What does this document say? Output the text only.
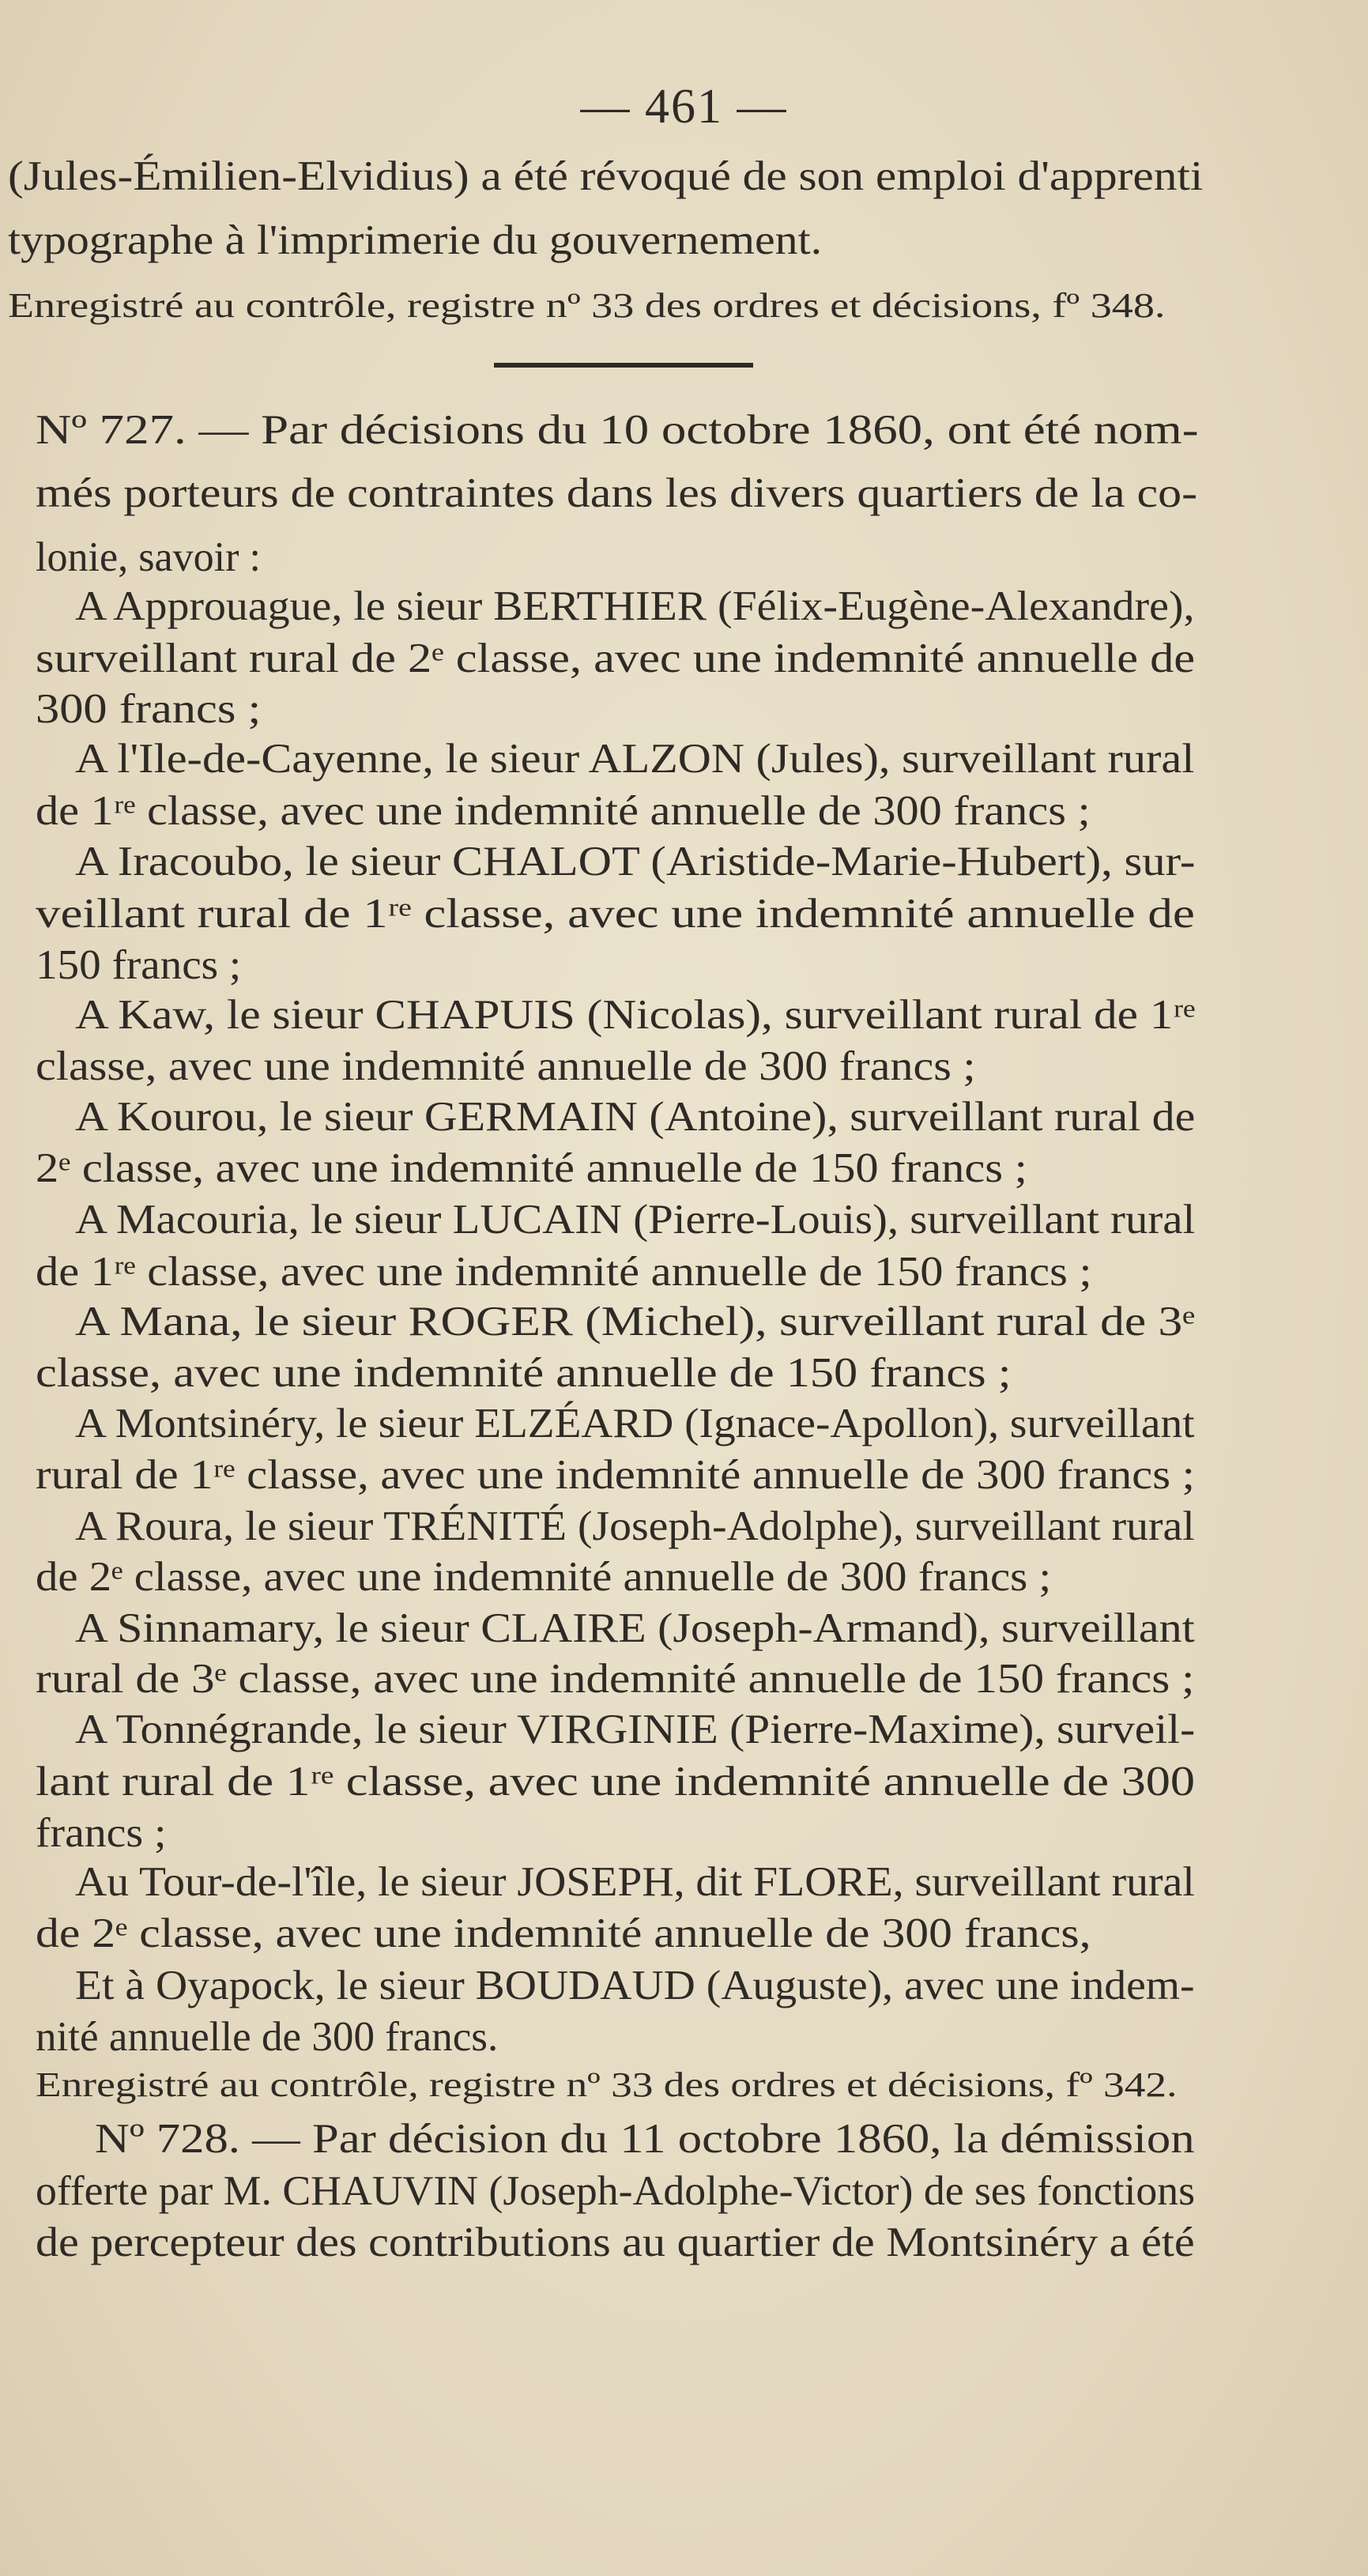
— 461 —
(Jules-Émilien-Elvidius) a été révoqué de son emploi d'apprenti
typographe à l'imprimerie du gouvernement.
Enregistré au contrôle, registre nº 33 des ordres et décisions, fº 348.
Nº 727. — Par décisions du 10 octobre 1860, ont été nom-
més porteurs de contraintes dans les divers quartiers de la co-
lonie, savoir :
A Approuague, le sieur BERTHIER (Félix-Eugène-Alexandre),
surveillant rural de 2ᵉ classe, avec une indemnité annuelle de
300 francs ;
A l'Ile-de-Cayenne, le sieur ALZON (Jules), surveillant rural
de 1ʳᵉ classe, avec une indemnité annuelle de 300 francs ;
A Iracoubo, le sieur CHALOT (Aristide-Marie-Hubert), sur-
veillant rural de 1ʳᵉ classe, avec une indemnité annuelle de
150 francs ;
A Kaw, le sieur CHAPUIS (Nicolas), surveillant rural de 1ʳᵉ
classe, avec une indemnité annuelle de 300 francs ;
A Kourou, le sieur GERMAIN (Antoine), surveillant rural de
2ᵉ classe, avec une indemnité annuelle de 150 francs ;
A Macouria, le sieur LUCAIN (Pierre-Louis), surveillant rural
de 1ʳᵉ classe, avec une indemnité annuelle de 150 francs ;
A Mana, le sieur ROGER (Michel), surveillant rural de 3ᵉ
classe, avec une indemnité annuelle de 150 francs ;
A Montsinéry, le sieur ELZÉARD (Ignace-Apollon), surveillant
rural de 1ʳᵉ classe, avec une indemnité annuelle de 300 francs ;
A Roura, le sieur TRÉNITÉ (Joseph-Adolphe), surveillant rural
de 2ᵉ classe, avec une indemnité annuelle de 300 francs ;
A Sinnamary, le sieur CLAIRE (Joseph-Armand), surveillant
rural de 3ᵉ classe, avec une indemnité annuelle de 150 francs ;
A Tonnégrande, le sieur VIRGINIE (Pierre-Maxime), surveil-
lant rural de 1ʳᵉ classe, avec une indemnité annuelle de 300
francs ;
Au Tour-de-l'île, le sieur JOSEPH, dit FLORE, surveillant rural
de 2ᵉ classe, avec une indemnité annuelle de 300 francs,
Et à Oyapock, le sieur BOUDAUD (Auguste), avec une indem-
nité annuelle de 300 francs.
Enregistré au contrôle, registre nº 33 des ordres et décisions, fº 342.
Nº 728. — Par décision du 11 octobre 1860, la démission
offerte par M. CHAUVIN (Joseph-Adolphe-Victor) de ses fonctions
de percepteur des contributions au quartier de Montsinéry a été
